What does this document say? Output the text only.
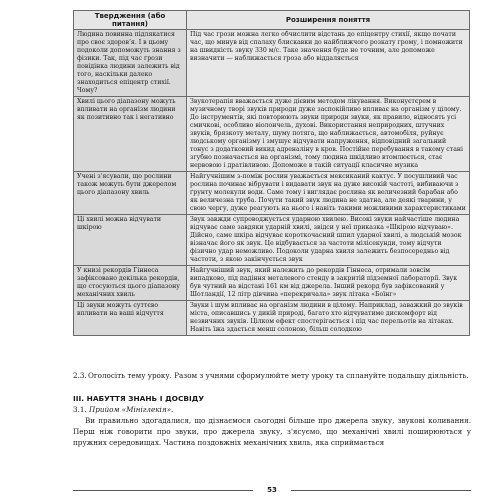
Твердження (або питання)	Розширення поняття
Людина повинна підлякатися про своє здоров’я. І в цьому подоколи допоможуть знання з фізики. Так, під час грози повідінка людини залежить від того, наскільки далеко знаходиться епіцентр стихії. Чому?	Під час грози можна легко обчислити відстань до епіцентру стихії, якщо почати час, що минув від спалаху блискавки до найближчого розкату грому, і помножити на швидкість звуку 330 м/с. Таке значення буде не точним, але допоможе визначити — наближається гроза або віддаляється
Хвилі цього діапазону можуть впливати на організм людини як позитивно так і негативно	Звукотерапія вважається дуже дієвим методом лікування. Виконуєтєрем в музичному творі звуків природи дуже заспокійливо впливає на організм у цілому. До інструментів, які повторюють звуки природи звуки, як правило, відносять усі смичкові, особливо віолончель, духові. Використання неприродних, штучних звуків, брязкоту металу, шуму потяга, що наближається, автомобіля, руйнує людському організму і змушує відчувати напруження, відповідний загальний тонус з додатковий викид адреналіну в кров. Постійне перебування в такому стані згубно позначається на організмі, тому людина шкідливо втомлюється, стає нервовою і дратівливою. Допоможе в такій ситуації класичне музика
Учені з'ясували, що рослини також можуть бути джерелом цього діапазону хвиль	Найгучнішим з-поміж рослин уважається мексиканий кактус. У посушливий час рослина починає вібрувати і видавати звук на дуже високій частоті, вибиваючи з ґрунту молекули води. Саме тому і виглядає рослина як величезний барабан або як величезна труба. Почути такий звук людина не здатна, але деякі тварини, у свою чергу, дуже реагують на нього і навіть такими можливими характеристиками
Ці хвилі можна відчувати шкірою	Звук завжди супроводжується ударною хвилею. Високі звуки найчастіше людина відчуває саме завдяки ударній хвилі, звідси у неї приказка «Шкірою відчуваю». Дійсно, саме шкіра відчуває короткочасний шпил ударної хвилі, а людській мозок візначає його як звук. Це відбувається за частоти мілісекунди, тому відчути фізично удар неможливо. Подоколи ударна хвиля залежить безпосередньо від частоти, з якою закінчується звук
У книзі рекордів Гіннеса зафіксовано декілька рекордів, що стосуються цього діапазону механічних хвиль	Найгучніший звук, який належить до рекордів Гіннеса, отримали зовсім випадково, під падіння металевого стенду в закритій підземної лабораторії. Звук був чутний на відстані 161 км від джерела. Інший рекорд був зафіксований у Шотландії, 12 літр дівчина «перекричала» звук літака «Боїнг»
Ці звуки можуть суттєво впливати на ваші відчуття	Звуки і шум впливає на організм людини в цілому. Наприклад, заважкий до звуків міста, описавшись у дикій природі, багато хто відчуватиме дискомфорт від незвичних звуків. Цілком ефект спостерігається і під час перельотів на літаках. Навіть їжа здається менш солоною, більш солодкою
2.3. Оголосіть тему уроку. Разом з учнями сформулюйте мету уроку та сплануйте подальшу діяльність.
III. НАБУТТЯ ЗНАНЬ І ДОСВІДУ
3.1. Прийом «Мініглекія».

Ви правильно здогадалися, що дізнаємося сьогодні більше про джерела звуку, звукові коливання. Перш ніж говорити про звуки, про джерела звуку, з'ясуємо, що механічні хвилі поширюються у пружних середовищах. Частина поздовжніх механічних хвиль, яка сприймається

53
